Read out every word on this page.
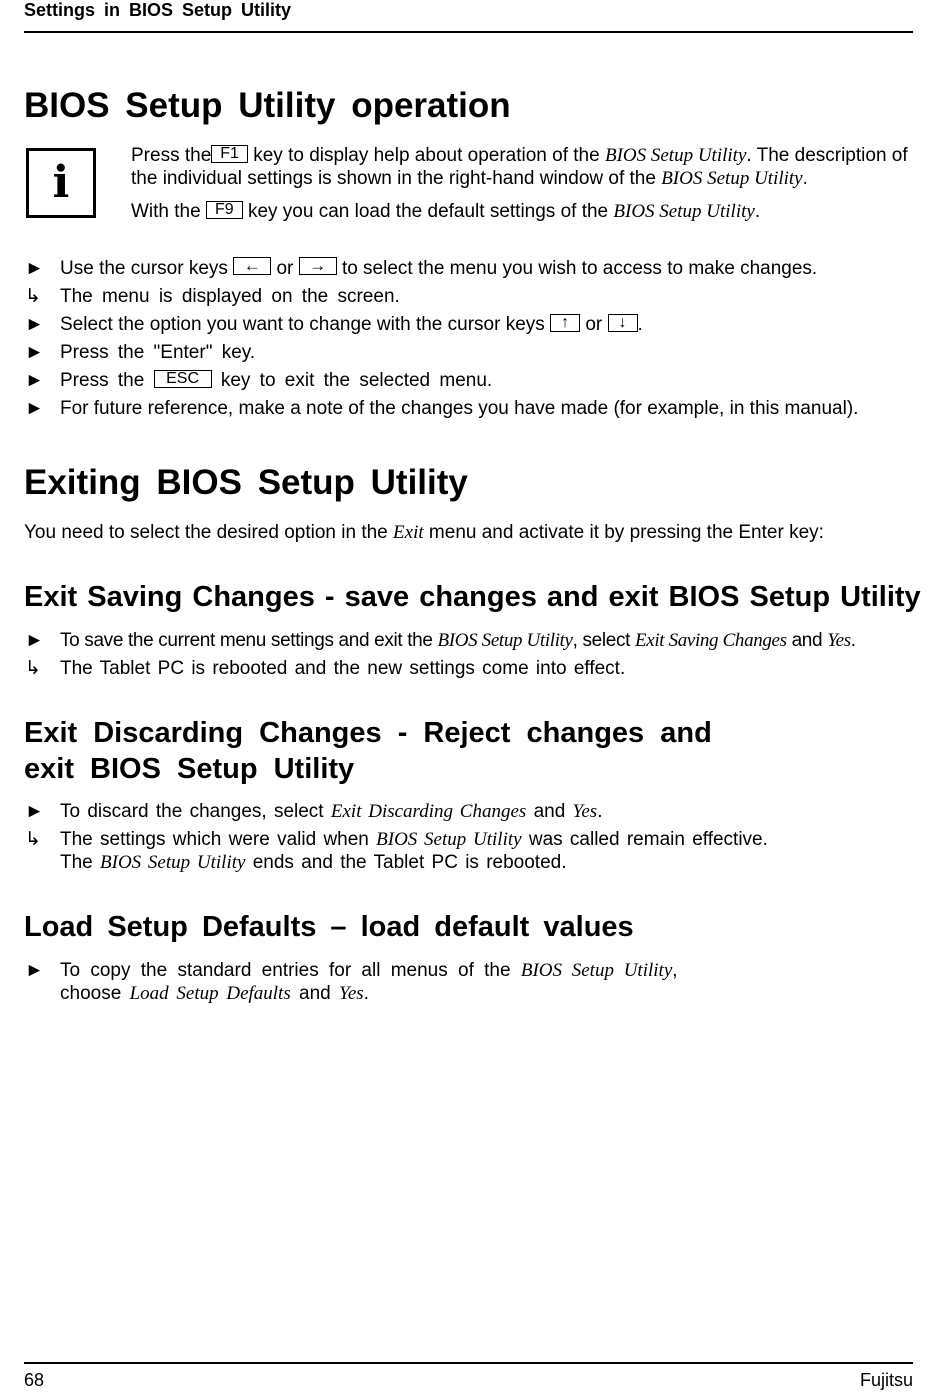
Settings in BIOS Setup Utility
BIOS Setup Utility operation
i
Press the F1 key to display help about operation of the BIOS Setup Utility. The description of the individual settings is shown in the right-hand window of the BIOS Setup Utility.
With the F9 key you can load the default settings of the BIOS Setup Utility.
► Use the cursor keys ← or → to select the menu you wish to access to make changes.
↳ The menu is displayed on the screen.
► Select the option you want to change with the cursor keys ↑ or ↓ .
► Press the "Enter" key.
► Press the ESC key to exit the selected menu.
► For future reference, make a note of the changes you have made (for example, in this manual).
Exiting BIOS Setup Utility
You need to select the desired option in the Exit menu and activate it by pressing the Enter key:
Exit Saving Changes - save changes and exit BIOS Setup Utility
► To save the current menu settings and exit the BIOS Setup Utility, select Exit Saving Changes and Yes.
↳ The Tablet PC is rebooted and the new settings come into effect.
Exit Discarding Changes - Reject changes and
exit BIOS Setup Utility
► To discard the changes, select Exit Discarding Changes and Yes.
↳ The settings which were valid when BIOS Setup Utility was called remain effective.
The BIOS Setup Utility ends and the Tablet PC is rebooted.
Load Setup Defaults – load default values
► To copy the standard entries for all menus of the BIOS Setup Utility,
choose Load Setup Defaults and Yes.
68	Fujitsu
